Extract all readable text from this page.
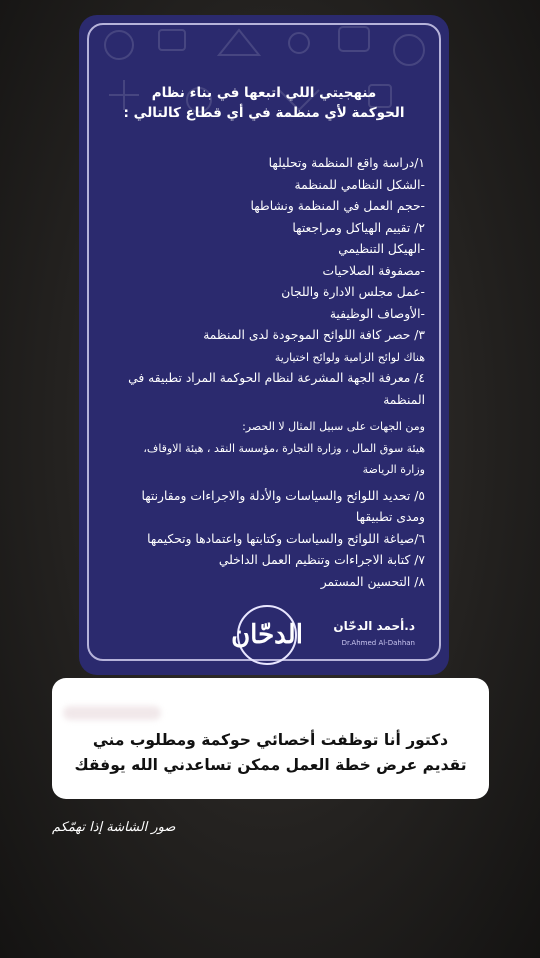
منهجيتي اللي اتبعها في بناء نظام
الحوكمة لأي منظمة في أي قطاع كالتالي :
١/دراسة واقع المنظمة وتحليلها
-الشكل النظامي للمنظمة
-حجم العمل في المنظمة ونشاطها
٢/ تقييم الهياكل ومراجعتها
-الهيكل التنظيمي
-مصفوفة الصلاحيات
-عمل مجلس الادارة واللجان
-الأوصاف الوظيفية
٣/ حصر كافة اللوائح الموجودة لدى المنظمة
هناك لوائح الزامية ولوائح اختيارية
٤/ معرفة الجهة المشرعة لنظام الحوكمة المراد تطبيقه في
المنظمة
ومن الجهات على سبيل المثال لا الحصر:
هيئة سوق المال ، وزارة التجارة ،مؤسسة النقد ، هيئة الاوقاف،
وزارة الرياضة
٥/ تحديد اللوائح والسياسات والأدلة والاجراءات ومقارنتها
ومدى تطبيقها
٦/صياغة اللوائح والسياسات وكتابتها واعتمادها وتحكيمها
٧/ كتابة الاجراءات وتنظيم العمل الداخلي
٨/ التحسين المستمر
الدحّان	د.أحمد الدحّان
Dr.Ahmed Al-Dahhan
دكتور أنا توظفت أخصائي حوكمة ومطلوب مني
تقديم عرض خطة العمل ممكن تساعدني الله يوفقك
صور الشاشة إذا تهمّكم
